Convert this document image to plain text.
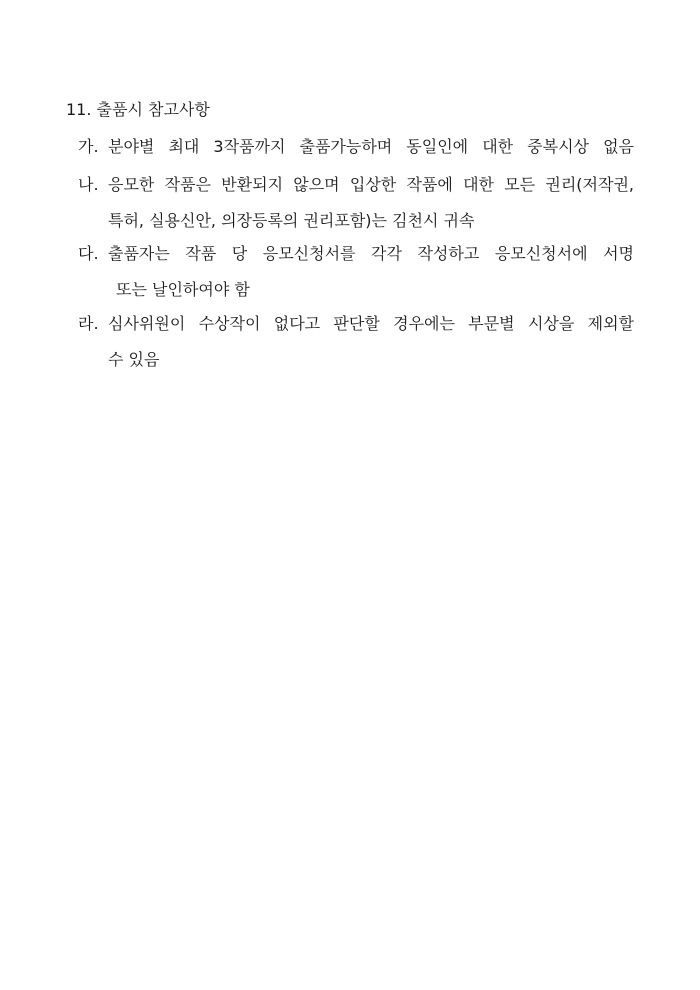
11. 출품시 참고사항
가. 분야별 최대 3작품까지 출품가능하며 동일인에 대한 중복시상 없음
나. 응모한 작품은 반환되지 않으며 입상한 작품에 대한 모든 권리(저작권,
특허, 실용신안, 의장등록의 권리포함)는 김천시 귀속
다. 출품자는 작품 당 응모신청서를 각각 작성하고 응모신청서에 서명
또는 날인하여야 함
라. 심사위원이 수상작이 없다고 판단할 경우에는 부문별 시상을 제외할
수 있음
